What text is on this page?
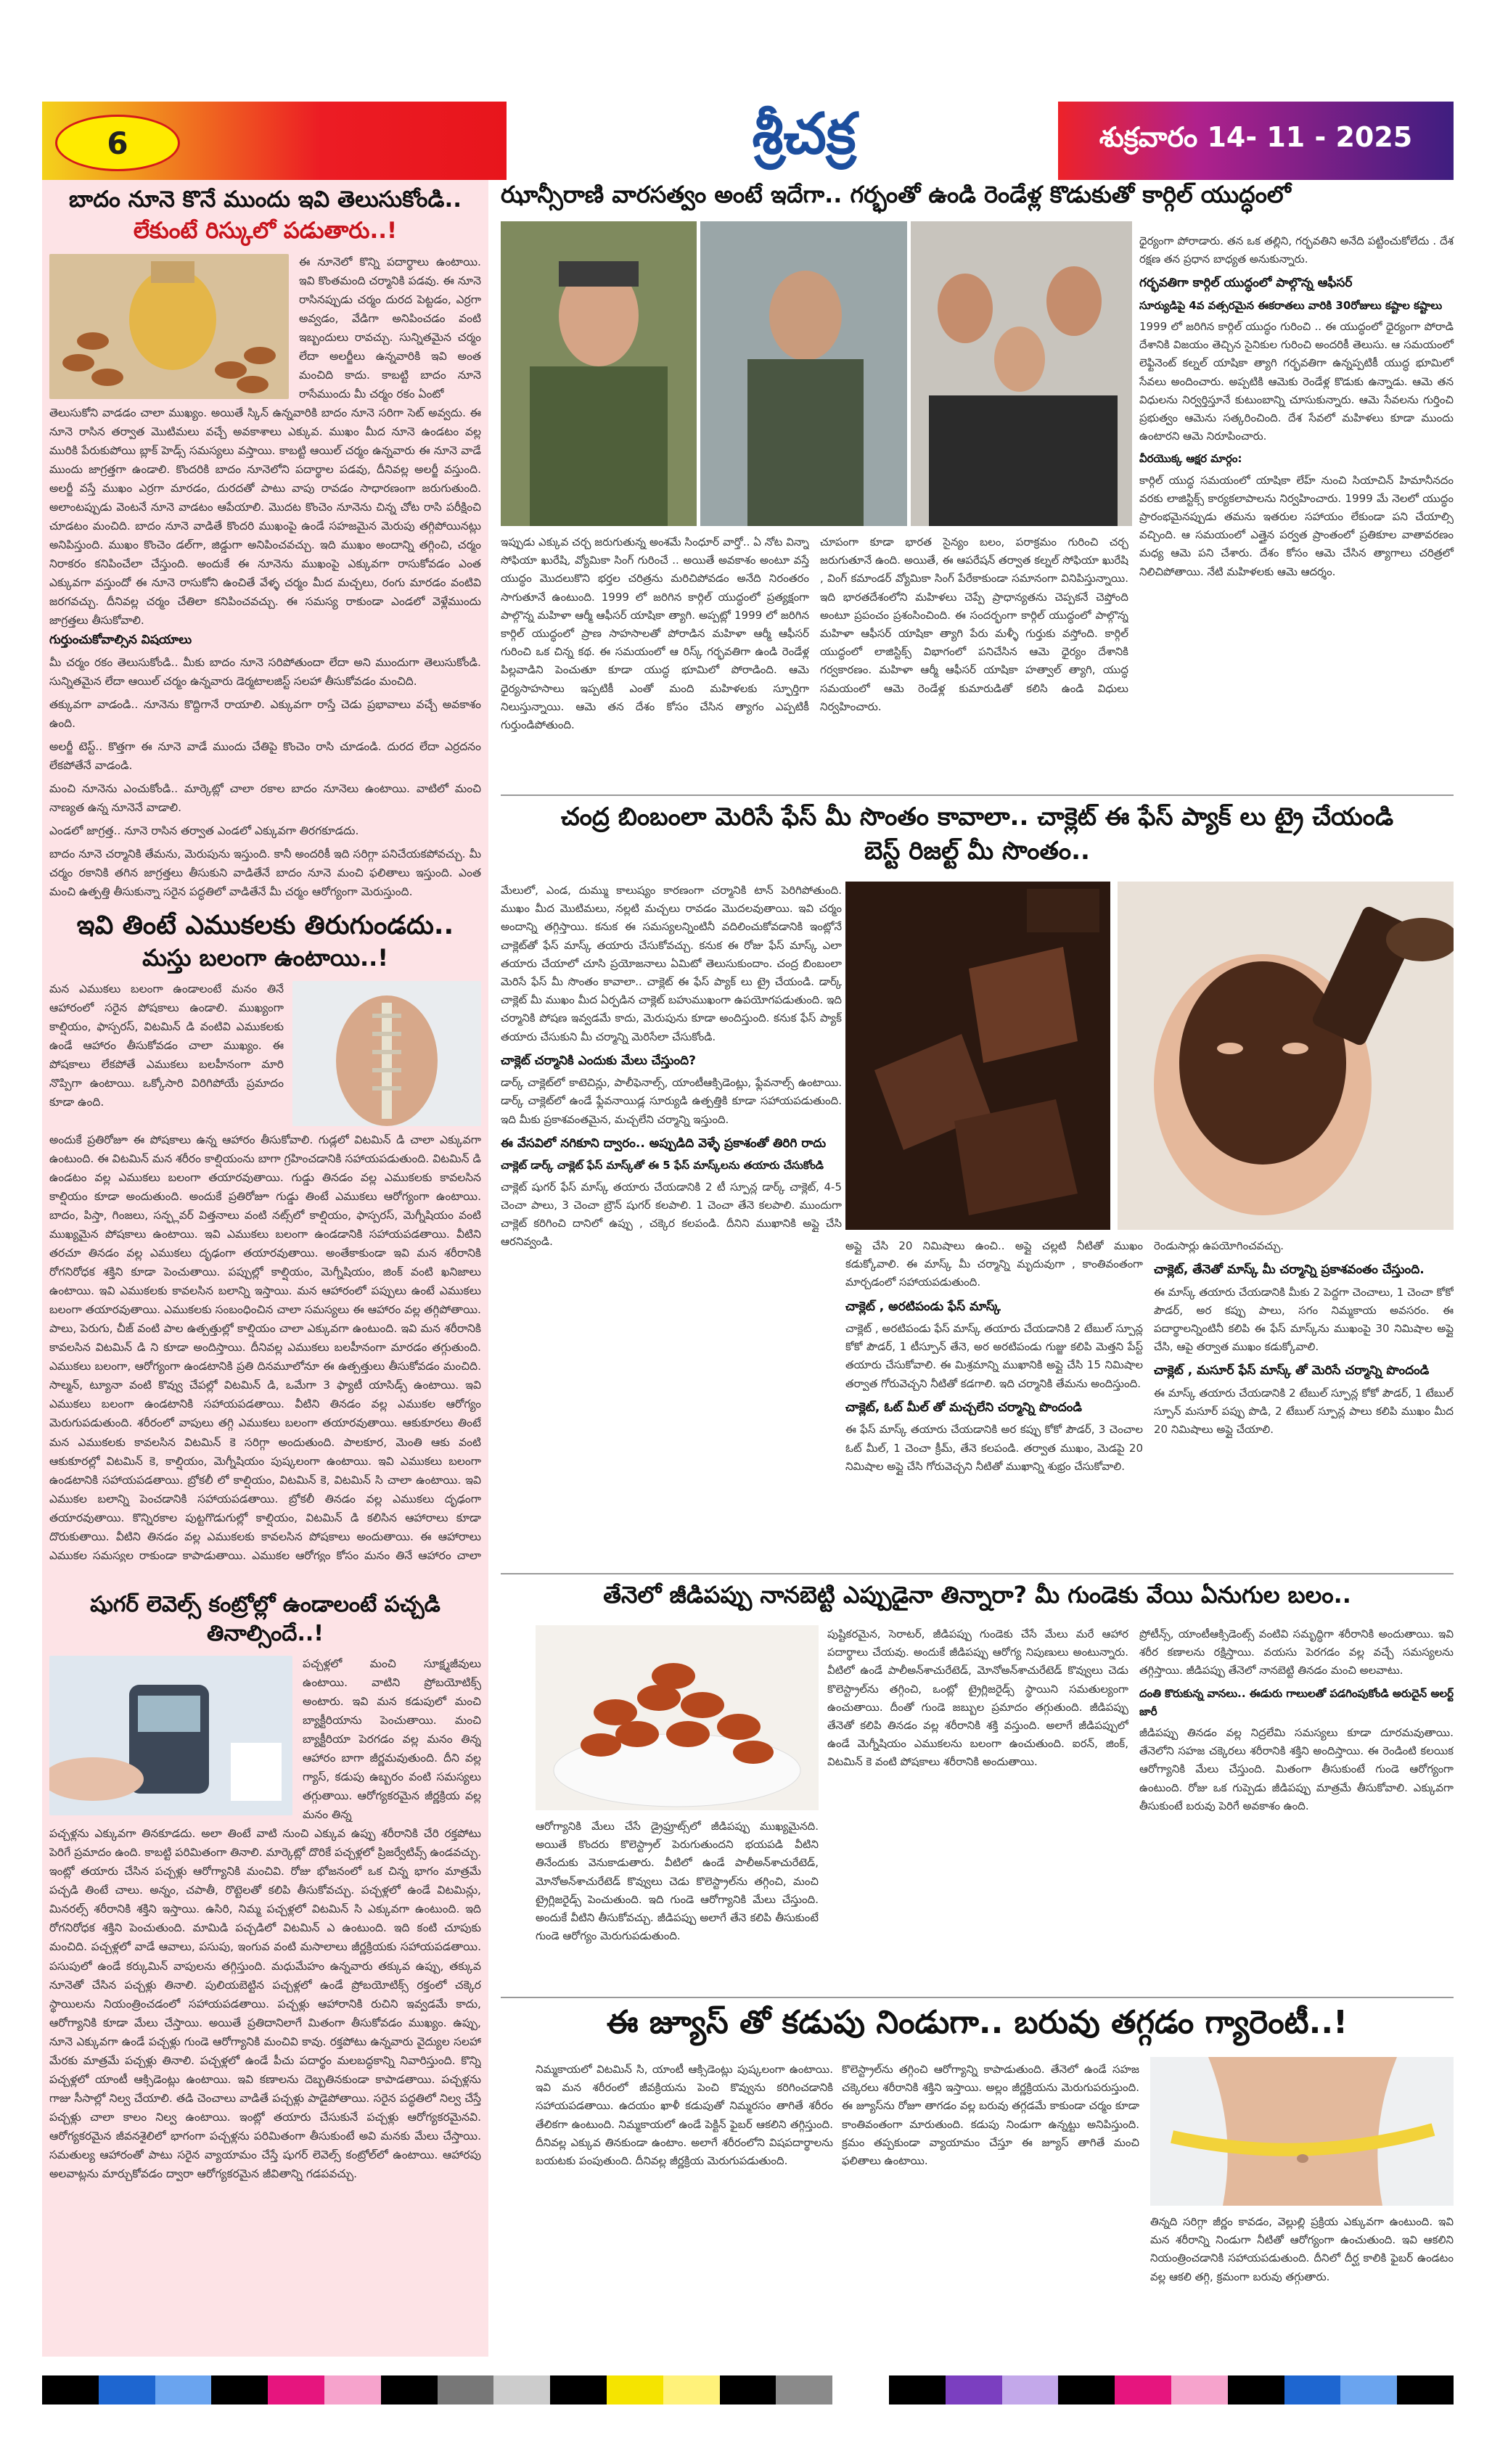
6	శ్రీచక్ర	శుక్రవారం 14- 11 - 2025
బాదం నూనె కొనే ముందు ఇవి తెలుసుకోండి..
లేకుంటే రిస్కులో పడుతారు..!
ఈ నూనెలో కొన్ని పదార్థాలు ఉంటాయి. ఇవి కొంతమంది చర్మానికి పడవు. ఈ నూనె రాసినప్పుడు చర్మం దురద పెట్టడం, ఎర్రగా అవ్వడం, వేడిగా అనిపించడం వంటి ఇబ్బందులు రావచ్చు. సున్నితమైన చర్మం లేదా అలర్జీలు ఉన్నవారికి ఇవి అంత మంచిది కాదు. కాబట్టి బాదం నూనె రాసేముందు మీ చర్మం రకం ఏంటో
తెలుసుకోని వాడడం చాలా ముఖ్యం. అయితే స్కిన్ ఉన్నవారికి బాదం నూనె సరిగా సెట్ అవ్వదు. ఈ నూనె రాసిన తర్వాత మొటిమలు వచ్చే అవకాశాలు ఎక్కువ. ముఖం మీద నూనె ఉండటం వల్ల మురికి పేరుకుపోయి బ్లాక్ హెడ్స్ సమస్యలు వస్తాయి. కాబట్టి ఆయిల్ చర్మం ఉన్నవారు ఈ నూనె వాడే ముందు జాగ్రత్తగా ఉండాలి. కొందరికి బాదం నూనెలోని పదార్థాల పడవు, దీనివల్ల అలర్జీ వస్తుంది. అలర్జీ వస్తే ముఖం ఎర్రగా మారడం, దురదతో పాటు వాపు రావడం సాధారణంగా జరుగుతుంది. అలాంటప్పుడు వెంటనే నూనె వాడటం ఆపేయాలి. మొదట కొంచెం నూనెను చిన్న చోట రాసి పరీక్షించి చూడటం మంచిది. బాదం నూనె వాడితే కొందరి ముఖంపై ఉండే సహజమైన మెరుపు తగ్గిపోయినట్లు అనిపిస్తుంది. ముఖం కొంచెం డల్‌గా, జిడ్డుగా అనిపించవచ్చు. ఇది ముఖం అందాన్ని తగ్గించి, చర్మం నిరాకరం కనిపించేలా చేస్తుంది. అందుకే ఈ నూనెను ముఖంపై ఎక్కువగా రాసుకోవడం ఎంత ఎక్కువగా వస్తుందో ఈ నూనె రాసుకోని ఉంచితే వేళ్ళ చర్మం మీద మచ్చలు, రంగు మారడం వంటివి జరగవచ్చు. దీనివల్ల చర్మం చేతిలా కనిపించవచ్చు. ఈ సమస్య రాకుండా ఎండలో వెళ్లేముందు జాగ్రత్తలు తీసుకోవాలి.
గుర్తుంచుకోవాల్సిన విషయాలు

మీ చర్మం రకం తెలుసుకోండి.. మీకు బాదం నూనె సరిపోతుందా లేదా అని ముందుగా తెలుసుకోండి. సున్నితమైన లేదా ఆయిల్ చర్మం ఉన్నవారు డెర్మటాలజిస్ట్ సలహా తీసుకోవడం మంచిది.

తక్కువగా వాడండి.. నూనెను కొద్దిగానే రాయాలి. ఎక్కువగా రాస్తే చెడు ప్రభావాలు వచ్చే అవకాశం ఉంది.

అలర్జీ టెస్ట్.. కొత్తగా ఈ నూనె వాడే ముందు చేతిపై కొంచెం రాసి చూడండి. దురద లేదా ఎర్రదనం లేకపోతేనే వాడండి.

మంచి నూనెను ఎంచుకోండి.. మార్కెట్లో చాలా రకాల బాదం నూనెలు ఉంటాయి. వాటిలో మంచి నాణ్యత ఉన్న నూనెనే వాడాలి.

ఎండలో జాగ్రత్త.. నూనె రాసిన తర్వాత ఎండలో ఎక్కువగా తిరగకూడదు.

బాదం నూనె చర్మానికి తేమను, మెరుపును ఇస్తుంది. కానీ అందరికీ ఇది సరిగ్గా పనిచేయకపోవచ్చు. మీ చర్మం రకానికి తగిన జాగ్రత్తలు తీసుకుని వాడితేనే బాదం నూనె మంచి ఫలితాలు ఇస్తుంది. ఎంత మంచి ఉత్పత్తి తీసుకున్నా సరైన పద్ధతిలో వాడితేనే మీ చర్మం ఆరోగ్యంగా మెరుస్తుంది.

ఇవి తింటే ఎముకలకు తిరుగుండదు..
మస్తు బలంగా ఉంటాయి..!
మన ఎముకలు బలంగా ఉండాలంటే మనం తినే ఆహారంలో సరైన పోషకాలు ఉండాలి. ముఖ్యంగా కాల్షియం, ఫాస్పరస్, విటమిన్ డి వంటివి ఎముకలకు ఉండే ఆహారం తీసుకోవడం చాలా ముఖ్యం. ఈ పోషకాలు లేకపోతే ఎముకలు బలహీనంగా మారి నొప్పిగా ఉంటాయి. ఒక్కోసారి విరిగిపోయే ప్రమాదం కూడా ఉంది.
అందుకే ప్రతిరోజూ ఈ పోషకాలు ఉన్న ఆహారం తీసుకోవాలి. గుడ్లలో విటమిన్ డి చాలా ఎక్కువగా ఉంటుంది. ఈ విటమిన్ మన శరీరం కాల్షియంను బాగా గ్రహించడానికి సహాయపడుతుంది. విటమిన్ డి ఉండటం వల్ల ఎముకలు బలంగా తయారవుతాయి. గుడ్డు తినడం వల్ల ఎముకలకు కావలసిన కాల్షియం కూడా అందుతుంది. అందుకే ప్రతిరోజూ గుడ్డు తింటే ఎముకలు ఆరోగ్యంగా ఉంటాయి. బాదం, పిస్తా, గింజలు, సన్ఫ్లవర్ విత్తనాలు వంటి నట్స్‌లో కాల్షియం, ఫాస్పరస్, మెగ్నీషియం వంటి ముఖ్యమైన పోషకాలు ఉంటాయి. ఇవి ఎముకలు బలంగా ఉండడానికి సహాయపడతాయి. వీటిని తరచూ తినడం వల్ల ఎముకలు దృఢంగా తయారవుతాయి. అంతేకాకుండా ఇవి మన శరీరానికి రోగనిరోధక శక్తిని కూడా పెంచుతాయి. పప్పుల్లో కాల్షియం, మెగ్నీషియం, జింక్ వంటి ఖనిజాలు ఉంటాయి. ఇవి ఎముకలకు కావలసిన బలాన్ని ఇస్తాయి. మన ఆహారంలో పప్పులు ఉంటే ఎముకలు బలంగా తయారవుతాయి. ఎముకలకు సంబంధించిన చాలా సమస్యలు ఈ ఆహారం వల్ల తగ్గిపోతాయి. పాలు, పెరుగు, చీజ్ వంటి పాల ఉత్పత్తుల్లో కాల్షియం చాలా ఎక్కువగా ఉంటుంది. ఇవి మన శరీరానికి కావలసిన విటమిన్ డి ని కూడా అందిస్తాయి. దీనివల్ల ఎముకలు బలహీనంగా మారడం తగ్గుతుంది. ఎముకలు బలంగా, ఆరోగ్యంగా ఉండటానికి ప్రతి దినమూలోనూ ఈ ఉత్పత్తులు తీసుకోవడం మంచిది. సాల్మన్, ట్యూనా వంటి కొవ్వు చేపల్లో విటమిన్ డి, ఒమేగా 3 ఫ్యాటీ యాసిడ్స్ ఉంటాయి. ఇవి ఎముకలు బలంగా ఉండటానికి సహాయపడతాయి. వీటిని తినడం వల్ల ఎముకల ఆరోగ్యం మెరుగుపడుతుంది. శరీరంలో వాపులు తగ్గి ఎముకలు బలంగా తయారవుతాయి. ఆకుకూరలు తింటే మన ఎముకలకు కావలసిన విటమిన్ కె సరిగ్గా అందుతుంది. పాలకూర, మెంతి ఆకు వంటి ఆకుకూరల్లో విటమిన్ కె, కాల్షియం, మెగ్నీషియం పుష్కలంగా ఉంటాయి. ఇవి ఎముకలు బలంగా ఉండటానికి సహాయపడతాయి. బ్రోకలీ లో కాల్షియం, విటమిన్ కె, విటమిన్ సి చాలా ఉంటాయి. ఇవి ఎముకల బలాన్ని పెంచడానికి సహాయపడతాయి. బ్రోకలీ తినడం వల్ల ఎముకలు దృఢంగా తయారవుతాయి. కొన్నిరకాల పుట్టగొడుగుల్లో కాల్షియం, విటమిన్ డి కలిసిన ఆహారాలు కూడా దొరుకుతాయి. వీటిని తినడం వల్ల ఎముకలకు కావలసిన పోషకాలు అందుతాయి. ఈ ఆహారాలు ఎముకల సమస్యల రాకుండా కాపాడుతాయి. ఎముకల ఆరోగ్యం కోసం మనం తినే ఆహారం చాలా
షుగర్ లెవెల్స్ కంట్రోల్లో ఉండాలంటే పచ్చడి
తినాల్సిందే..!
పచ్చళ్లలో మంచి సూక్ష్మజీవులు ఉంటాయి. వాటిని ప్రోబయోటిక్స్ అంటారు. ఇవి మన కడుపులో మంచి బ్యాక్టీరియాను పెంచుతాయి. మంచి బ్యాక్టీరియా పెరగడం వల్ల మనం తిన్న ఆహారం బాగా జీర్ణమవుతుంది. దీని వల్ల గ్యాస్, కడుపు ఉబ్బరం వంటి సమస్యలు తగ్గుతాయి. ఆరోగ్యకరమైన జీర్ణక్రియ వల్ల మనం తిన్న
పచ్చళ్లను ఎక్కువగా తినకూడదు. అలా తింటే వాటి నుంచి ఎక్కువ ఉప్పు శరీరానికి చేరి రక్తపోటు పెరిగే ప్రమాదం ఉంది. కాబట్టి పరిమితంగా తినాలి. మార్కెట్లో దొరికే పచ్చళ్లలో ప్రిజర్వేటివ్స్ ఉండవచ్చు. ఇంట్లో తయారు చేసిన పచ్చళ్లు ఆరోగ్యానికి మంచివి. రోజు భోజనంలో ఒక చిన్న భాగం మాత్రమే పచ్చడి తింటే చాలు. అన్నం, చపాతీ, రొట్టెలతో కలిపి తీసుకోవచ్చు. పచ్చళ్లలో ఉండే విటమిన్లు, మినరల్స్ శరీరానికి శక్తిని ఇస్తాయి. ఉసిరి, నిమ్మ పచ్చళ్లలో విటమిన్ సి ఎక్కువగా ఉంటుంది. ఇది రోగనిరోధక శక్తిని పెంచుతుంది. మామిడి పచ్చడిలో విటమిన్ ఎ ఉంటుంది. ఇది కంటి చూపుకు మంచిది. పచ్చళ్లలో వాడే ఆవాలు, పసుపు, ఇంగువ వంటి మసాలాలు జీర్ణక్రియకు సహాయపడతాయి. పసుపులో ఉండే కర్కుమిన్ వాపులను తగ్గిస్తుంది. మధుమేహం ఉన్నవారు తక్కువ ఉప్పు, తక్కువ నూనెతో చేసిన పచ్చళ్లు తినాలి. పులియబెట్టిన పచ్చళ్లలో ఉండే ప్రోబయోటిక్స్ రక్తంలో చక్కెర స్థాయిలను నియంత్రించడంలో సహాయపడతాయి. పచ్చళ్లు ఆహారానికి రుచిని ఇవ్వడమే కాదు, ఆరోగ్యానికి కూడా మేలు చేస్తాయి. అయితే ప్రతిదానిలాగే మితంగా తీసుకోవడం ముఖ్యం. ఉప్పు, నూనె ఎక్కువగా ఉండే పచ్చళ్లు గుండె ఆరోగ్యానికి మంచివి కావు. రక్తపోటు ఉన్నవారు వైద్యుల సలహా మేరకు మాత్రమే పచ్చళ్లు తినాలి. పచ్చళ్లలో ఉండే పీచు పదార్థం మలబద్ధకాన్ని నివారిస్తుంది. కొన్ని పచ్చళ్లలో యాంటీ ఆక్సిడెంట్లు ఉంటాయి. ఇవి కణాలను దెబ్బతినకుండా కాపాడతాయి. పచ్చళ్లను గాజు సీసాల్లో నిల్వ చేయాలి. తడి చెంచాలు వాడితే పచ్చళ్లు పాడైపోతాయి. సరైన పద్ధతిలో నిల్వ చేస్తే పచ్చళ్లు చాలా కాలం నిల్వ ఉంటాయి. ఇంట్లో తయారు చేసుకునే పచ్చళ్లు ఆరోగ్యకరమైనవి. ఆరోగ్యకరమైన జీవనశైలిలో భాగంగా పచ్చళ్లను పరిమితంగా తీసుకుంటే అవి మనకు మేలు చేస్తాయి. సమతుల్య ఆహారంతో పాటు సరైన వ్యాయామం చేస్తే షుగర్ లెవెల్స్ కంట్రోల్‌లో ఉంటాయి. ఆహారపు అలవాట్లను మార్చుకోవడం ద్వారా ఆరోగ్యకరమైన జీవితాన్ని గడపవచ్చు.
ఝాన్సీరాణి వారసత్వం అంటే ఇదేగా.. గర్భంతో ఉండి రెండేళ్ల కొడుకుతో కార్గిల్ యుద్ధంలో

ధైర్యంగా పోరాడారు. తన ఒక తల్లిని, గర్భవతిని అనేది పట్టించుకోలేదు . దేశ రక్షణ తన ప్రధాన బాధ్యత అనుకున్నారు.

గర్భవతిగా కార్గిల్ యుద్ధంలో పాల్గొన్న ఆఫీసర్
సూర్యుడిపై 4వ వత్సరమైన ఈకరాతలు వారికి 30రోజులు కష్టాల కష్టాలు

1999 లో జరిగిన కార్గిల్ యుద్ధం గురించి .. ఈ యుద్ధంలో ధైర్యంగా పోరాడి దేశానికి విజయం తెచ్చిన సైనికుల గురించి అందరికీ తెలుసు. ఆ సమయంలో లెఫ్టినెంట్ కల్నల్ యాషికా త్యాగి గర్భవతిగా ఉన్నప్పటికీ యుద్ధ భూమిలో సేవలు అందించారు. అప్పటికి ఆమెకు రెండేళ్ల కొడుకు ఉన్నాడు. ఆమె తన విధులను నిర్వర్తిస్తూనే కుటుంబాన్ని చూసుకున్నారు. ఆమె సేవలను గుర్తించి ప్రభుత్వం ఆమెను సత్కరించింది. దేశ సేవలో మహిళలు కూడా ముందు ఉంటారని ఆమె నిరూపించారు.

వీరయొక్క ఆక్షర మార్గం:

కార్గిల్ యుద్ధ సమయంలో యాషికా లేహ్ నుంచి సియాచిన్ హిమానీనదం వరకు లాజిస్టిక్స్ కార్యకలాపాలను నిర్వహించారు. 1999 మే నెలలో యుద్ధం ప్రారంభమైనప్పుడు తమను ఇతరుల సహాయం లేకుండా పని చేయాల్సి వచ్చింది. ఆ సమయంలో ఎత్తైన పర్వత ప్రాంతంలో ప్రతికూల వాతావరణం మధ్య ఆమె పని చేశారు. దేశం కోసం ఆమె చేసిన త్యాగాలు చరిత్రలో నిలిచిపోతాయి. నేటి మహిళలకు ఆమె ఆదర్శం.

ఇప్పుడు ఎక్కువ చర్చ జరుగుతున్న అంశమే సింధూర్ వార్తో.. ఏ నోట విన్నా సోఫియా ఖురేషి, వ్యోమికా సింగ్ గురించే .. అయితే అవకాశం అంటూ వస్తే యుద్ధం మొదలుకొని భర్తల చరిత్రను మరిచిపోవడం అనేది నిరంతరం సాగుతూనే ఉంటుంది. 1999 లో జరిగిన కార్గిల్ యుద్ధంలో ప్రత్యక్షంగా పాల్గొన్న మహిళా ఆర్మీ ఆఫీసర్ యాషికా త్యాగి. అప్పట్లో 1999 లో జరిగిన కార్గిల్ యుద్ధంలో ప్రాణ సాహసాలతో పోరాడిన మహిళా ఆర్మీ ఆఫీసర్ గురించి ఒక చిన్న కథ. ఈ సమయంలో ఆ రిస్క్ గర్భవతిగా ఉండి రెండేళ్ల పిల్లవాడిని పెంచుతూ కూడా యుద్ధ భూమిలో పోరాడింది. ఆమె ధైర్యసాహసాలు ఇప్పటికీ ఎంతో మంది మహిళలకు స్ఫూర్తిగా నిలుస్తున్నాయి. ఆమె తన దేశం కోసం చేసిన త్యాగం ఎప్పటికీ గుర్తుండిపోతుంది.
చూపంగా కూడా భారత సైన్యం బలం, పరాక్రమం గురించి చర్చ జరుగుతూనే ఉంది. అయితే, ఈ ఆపరేషన్ తర్వాత కల్నల్ సోఫియా ఖురేషి , వింగ్ కమాండర్ వ్యోమికా సింగ్ పేరేకాకుండా సమానంగా వినిపిస్తున్నాయి. ఇది భారతదేశంలోని మహిళలు చెప్పే ప్రాధాన్యతను చెప్పకనే చెప్తోంది అంటూ ప్రపంచం ప్రశంసించింది. ఈ సందర్భంగా కార్గిల్ యుద్ధంలో పాల్గొన్న మహిళా ఆఫీసర్ యాషికా త్యాగి పేరు మళ్ళీ గుర్తుకు వస్తోంది. కార్గిల్ యుద్ధంలో లాజిస్టిక్స్ విభాగంలో పనిచేసిన ఆమె ధైర్యం దేశానికి గర్వకారణం. మహిళా ఆర్మీ ఆఫీసర్ యాషికా హత్వాల్ త్యాగి, యుద్ధ సమయంలో ఆమె రెండేళ్ల కుమారుడితో కలిసి ఉండి విధులు నిర్వహించారు.
చంద్ర బింబంలా మెరిసే ఫేస్ మీ సొంతం కావాలా.. చాక్లెట్ ఈ ఫేస్ ప్యాక్ లు ట్రై చేయండి
బెస్ట్ రిజల్ట్ మీ సొంతం..

మేలులో, ఎండ, దుమ్ము కాలుష్యం కారణంగా చర్మానికి టాన్ పెరిగిపోతుంది. ముఖం మీద మొటిమలు, నల్లటి మచ్చలు రావడం మొదలవుతాయి. ఇవి చర్మం అందాన్ని తగ్గిస్తాయి. కనుక ఈ సమస్యలన్నింటినీ వదిలించుకోవడానికి ఇంట్లోనే చాక్లెట్‌తో ఫేస్ మాస్క్ తయారు చేసుకోవచ్చు. కనుక ఈ రోజు ఫేస్ మాస్క్ ఎలా తయారు చేయాలో చూసి ప్రయోజనాలు ఏమిటో తెలుసుకుందాం. చంద్ర బింబంలా మెరిసే ఫేస్ మీ సొంతం కావాలా.. చాక్లెట్ ఈ ఫేస్ ప్యాక్ లు ట్రై చేయండి. డార్క్ చాక్లెట్ మీ ముఖం మీద ఏర్పడిన చాక్లెట్ బహుముఖంగా ఉపయోగపడుతుంది. ఇది చర్మానికి పోషణ ఇవ్వడమే కాదు, మెరుపును కూడా అందిస్తుంది. కనుక ఫేస్ ప్యాక్ తయారు చేసుకుని మీ చర్మాన్ని మెరిసేలా చేసుకోండి.

చాక్లెట్ చర్మానికి ఎందుకు మేలు చేస్తుంది?

డార్క్ చాక్లెట్‌లో కాటెచిన్లు, పాలీఫెనాల్స్, యాంటీఆక్సిడెంట్లు, ఫ్లేవనాల్స్ ఉంటాయి. డార్క్ చాక్లెట్‌లో ఉండే ఫ్లేవనాయిడ్ల సూర్యుడి ఉత్పత్తికి కూడా సహాయపడుతుంది. ఇది మీకు ప్రకాశవంతమైన, మచ్చలేని చర్మాన్ని ఇస్తుంది.

ఈ వేసవిలో నగికూని ద్వారం.. అప్పుడిది వెళ్ళే ప్రకాశంతో తిరిగి రాదు
చాక్లెట్ డార్క్ చాక్లెట్ ఫేస్ మాస్క్‌తో ఈ 5 ఫేస్ మాస్క్‌లను తయారు చేసుకోండి

చాక్లెట్ షుగర్ ఫేస్ మాస్క్ తయారు చేయడానికి 2 టీ స్పూన్ల డార్క్ చాక్లెట్, 4-5 చెంచా పాలు, 3 చెంచా బ్రౌన్ షుగర్ కలపాలి. 1 చెంచా తేనె కలపాలి. ముందుగా చాక్లెట్ కరిగించి దానిలో ఉప్పు , చక్కెర కలపండి. దీనిని ముఖానికి అప్లై చేసి ఆరనివ్వండి.	అప్లై చేసి 20 నిమిషాలు ఉంచి.. అప్లై చల్లటి నీటితో ముఖం కడుక్కోవాలి. ఈ మాస్క్ మీ చర్మాన్ని మృదువుగా , కాంతివంతంగా మార్చడంలో సహాయపడుతుంది.

చాక్లెట్ , అరటిపండు ఫేస్ మాస్క్

చాక్లెట్ , అరటిపండు ఫేస్ మాస్క్ తయారు చేయడానికి 2 టేబుల్ స్పూన్ల కోకో పౌడర్, 1 టీస్పూన్ తేనె, అర అరటిపండు గుజ్జు కలిపి మెత్తని పేస్ట్ తయారు చేసుకోవాలి. ఈ మిశ్రమాన్ని ముఖానికి అప్లై చేసి 15 నిమిషాల తర్వాత గోరువెచ్చని నీటితో కడగాలి. ఇది చర్మానికి తేమను అందిస్తుంది.

చాక్లెట్, ఓట్ మీల్ తో మచ్చలేని చర్మాన్ని పొందండి

ఈ ఫేస్ మాస్క్ తయారు చేయడానికి అర కప్పు కోకో పౌడర్, 3 చెంచాల ఓట్ మీల్, 1 చెంచా క్రీమ్, తేనె కలపండి. తర్వాత ముఖం, మెడపై 20 నిమిషాల అప్లై చేసి గోరువెచ్చని నీటితో ముఖాన్ని శుభ్రం చేసుకోవాలి.

రెండుసార్లు ఉపయోగించవచ్చు.

చాక్లెట్, తేనెతో మాస్క్ మీ చర్మాన్ని ప్రకాశవంతం చేస్తుంది.

ఈ మాస్క్ తయారు చేయడానికి మీకు 2 పెద్దగా చెంచాలు, 1 చెంచా కోకో పౌడర్, అర కప్పు పాలు, సగం నిమ్మకాయ అవసరం. ఈ పదార్థాలన్నింటినీ కలిపి ఈ ఫేస్ మాస్క్‌ను ముఖంపై 30 నిమిషాల అప్లై చేసి, ఆపై తర్వాత ముఖం కడుక్కోవాలి.

చాక్లెట్ , మసూర్ ఫేస్ మాస్క్ తో మెరిసే చర్మాన్ని పొందండి

ఈ మాస్క్ తయారు చేయడానికి 2 టేబుల్ స్పూన్ల కోకో పౌడర్, 1 టేబుల్ స్పూన్ మసూర్ పప్పు పొడి, 2 టేబుల్ స్పూన్ల పాలు కలిపి ముఖం మీద 20 నిమిషాలు అప్లై చేయాలి.

తేనెలో జీడిపప్పు నానబెట్టి ఎప్పుడైనా తిన్నారా? మీ గుండెకు వేయి ఏనుగుల బలం..
ఆరోగ్యానికి మేలు చేసే డ్రైఫ్రూట్స్‌లో జీడిపప్పు ముఖ్యమైనది. అయితే కొందరు కొలెస్ట్రాల్ పెరుగుతుందని భయపడి వీటిని తినేందుకు వెనుకాడుతారు. వీటిలో ఉండే పాలీఅన్‌శాచురేటెడ్, మోనోఅన్‌శాచురేటెడ్ కొవ్వులు చెడు కొలెస్ట్రాల్‌ను తగ్గించి, మంచి ట్రైగ్లిజరైడ్స్ పెంచుతుంది. ఇది గుండె ఆరోగ్యానికి మేలు చేస్తుంది. అందుకే వీటిని తీసుకోవచ్చు. జీడిపప్పు అలాగే తేనె కలిపి తీసుకుంటే గుండె ఆరోగ్యం మెరుగుపడుతుంది.
పుష్టికరమైన, సెరాటర్, జీడిపప్పు గుండెకు చేసే మేలు మరే ఆహార పదార్థాలు చేయవు. అందుకే జీడిపప్పు ఆరోగ్య నిపుణులు అంటున్నారు. వీటిలో ఉండే పాలీఅన్‌శాచురేటెడ్, మోనోఅన్‌శాచురేటెడ్ కొవ్వులు చెడు కొలెస్ట్రాల్‌ను తగ్గించి, ఒంట్లో ట్రైగ్లిజరైడ్స్ స్థాయిని సమతుల్యంగా ఉంచుతాయి. దీంతో గుండె జబ్బుల ప్రమాదం తగ్గుతుంది. జీడిపప్పు తేనెతో కలిపి తినడం వల్ల శరీరానికి శక్తి వస్తుంది. అలాగే జీడిపప్పులో ఉండే మెగ్నీషియం ఎముకలను బలంగా ఉంచుతుంది. ఐరన్, జింక్, విటమిన్ కె వంటి పోషకాలు శరీరానికి అందుతాయి.

ప్రోటీన్స్, యాంటీఆక్సిడెంట్స్ వంటివి సమృద్ధిగా శరీరానికి అందుతాయి. ఇవి శరీర కణాలను రక్షిస్తాయి. వయసు పెరగడం వల్ల వచ్చే సమస్యలను తగ్గిస్తాయి. జీడిపప్పు తేనెలో నానబెట్టి తినడం మంచి అలవాటు.

దంతి కొరుకున్న వానలు.. ఈడురు గాలులతో పడగింపుకోండి అరుదైన్ అలర్ట్ జారీ

జీడిపప్పు తినడం వల్ల నిద్రలేమి సమస్యలు కూడా దూరమవుతాయి. తేనెలోని సహజ చక్కెరలు శరీరానికి శక్తిని అందిస్తాయి. ఈ రెండింటి కలయిక ఆరోగ్యానికి మేలు చేస్తుంది. మితంగా తీసుకుంటే గుండె ఆరోగ్యంగా ఉంటుంది. రోజు ఒక గుప్పెడు జీడిపప్పు మాత్రమే తీసుకోవాలి. ఎక్కువగా తీసుకుంటే బరువు పెరిగే అవకాశం ఉంది.

ఈ జ్యూస్ తో కడుపు నిండుగా.. బరువు తగ్గడం గ్యారెంటీ..!
నిమ్మకాయలో విటమిన్ సి, యాంటీ ఆక్సిడెంట్లు పుష్కలంగా ఉంటాయి. ఇవి మన శరీరంలో జీవక్రియను పెంచి కొవ్వును కరిగించడానికి సహాయపడతాయి. ఉదయం ఖాళీ కడుపుతో నిమ్మరసం తాగితే శరీరం తేలికగా ఉంటుంది. నిమ్మకాయలో ఉండే పెక్టిన్ ఫైబర్ ఆకలిని తగ్గిస్తుంది. దీనివల్ల ఎక్కువ తినకుండా ఉంటాం. అలాగే శరీరంలోని విషపదార్థాలను బయటకు పంపుతుంది. దీనివల్ల జీర్ణక్రియ మెరుగుపడుతుంది.
కొలెస్ట్రాల్‌ను తగ్గించి ఆరోగ్యాన్ని కాపాడుతుంది. తేనెలో ఉండే సహజ చక్కెరలు శరీరానికి శక్తిని ఇస్తాయి. అల్లం జీర్ణక్రియను మెరుగుపరుస్తుంది. ఈ జ్యూస్‌ను రోజూ తాగడం వల్ల బరువు తగ్గడమే కాకుండా చర్మం కూడా కాంతివంతంగా మారుతుంది. కడుపు నిండుగా ఉన్నట్టు అనిపిస్తుంది. క్రమం తప్పకుండా వ్యాయామం చేస్తూ ఈ జ్యూస్ తాగితే మంచి ఫలితాలు ఉంటాయి.
తిన్నది సరిగ్గా జీర్ణం కావడం, వెల్లుల్లి ప్రక్రియ ఎక్కువగా ఉంటుంది. ఇవి మన శరీరాన్ని నిండుగా నీటితో ఆరోగ్యంగా ఉంచుతుంది. ఇవి ఆకలిని నియంత్రించడానికి సహాయపడుతుంది. దీనిలో దీర్ఘ కాలికి ఫైబర్ ఉండటం వల్ల ఆకలి తగ్గి, క్రమంగా బరువు తగ్గుతారు.
